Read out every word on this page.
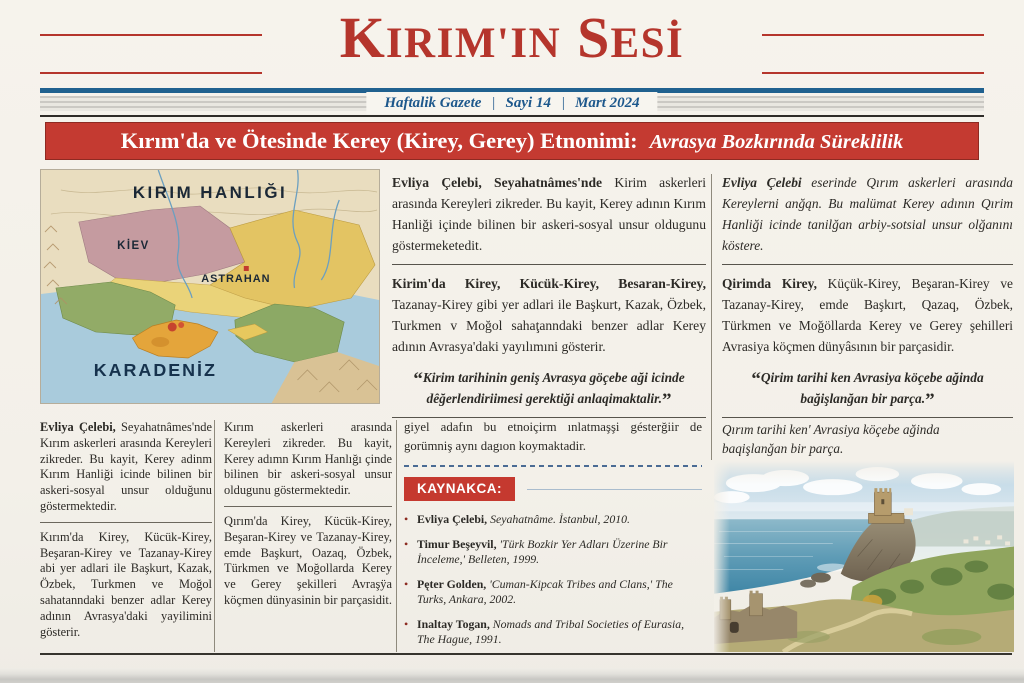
KIRIM'IN SESİ
Haftalik Gazete | Sayi 14 | Mart 2024
Kırım'da ve Ötesinde Kerey (Kirey, Gerey) Etnonimi: Avrasya Bozkırında Süreklilik
KIRIM HANLIĞI
KİEV
ASTRAHAN
KARADENİZ

Evliya Çelebi, Seyahatnâmes'nde Kirim askerleri arasında Kereyleri zikreder. Bu kayit, Kerey adının Kırım Hanliği içinde bilinen bir askeri-sosyal unsur oldugunu göstermeketedit.

Kirim'da Kirey, Kücük-Kirey, Besaran-Kirey, Tazanay-Kirey gibi yer adlari ile Başkurt, Kazak, Özbek, Turkmen v Moğol sahaţanndaki benzer adlar Kerey adının Avrasya'daki yayılımıni gösterir.

“Kirim tarihinin geniş Avrasya göçebe aği icinde dêğerlendiriimesi gerektiği anlaqimaktalir.”

Evliya Çelebi eserinde Qırım askerleri arasında Kereylerni anğąn. Bu malümat Kerey adının Qırim Hanliği icinde tanilğan arbiy-sotsial unsur olğanını köstere.

Qirimda Kirey, Küçük-Kirey, Beşaran-Kirey ve Tazanay-Kirey, emde Başkırt, Qazaq, Özbek, Türkmen ve Moğöllarda Kerey ve Gerey şehilleri Avrasiya köçmen dünyâsının bir parçasidir.

“Qirim tarihi ken Avrasiya köçebe ağinda bağişlanğan bir parça.”

Evliya Çelebi, Seyahatnâmes'nde Kırım askerleri arasında Kereyleri zikreder. Bu kayit, Kerey adinm Kırım Hanliği icinde bilinen bir askeri-sosyal unsur olduğunu göstermektedir.

Kırım'da Kirey, Kücük-Kirey, Beşaran-Kirey ve Tazanay-Kirey abi yer adlari ile Başkurt, Kazak, Özbek, Turkmen ve Moğol sahatanndaki benzer adlar Kerey adının Avrasya'daki yayilimini gösterir.

Kırım askerleri arasında Kereyleri zikreder. Bu kayit, Kerey adımn Kırım Hanlığı çinde bilinen bir askeri-sosyal unsur oldugunu göstermektedir.

Qırım'da Kirey, Kücük-Kirey, Beşaran-Kirey ve Tazanay-Kirey, emde Başkurt, Oazaq, Özbek, Türkmen ve Moğollarda Kerey ve Gerey şekilleri Avraşÿa köçmen dünyasinin bir parçasidit.

giyel adafın bu etnoiçirm ınlatmaşşi gésterğiir de gorümniş aynı dagıon koymaktadir.

KAYNAKCA:
• Evliya Çelebi, Seyahatnâme. İstanbul, 2010.
• Timur Beşeyvil, 'Türk Bozkir Yer Adları Üzerine Bir İnceleme,' Belleten, 1999.
• Pęter Golden, 'Cuman-Kipcak Tribes and Clans,' The Turks, Ankara, 2002.
• Inaltay Togan, Nomads and Tribal Societies of Eurasia, The Hague, 1991.

Qırım tarihi ken' Avrasiya köçebe ağinda baqişlanğan bir parça.
